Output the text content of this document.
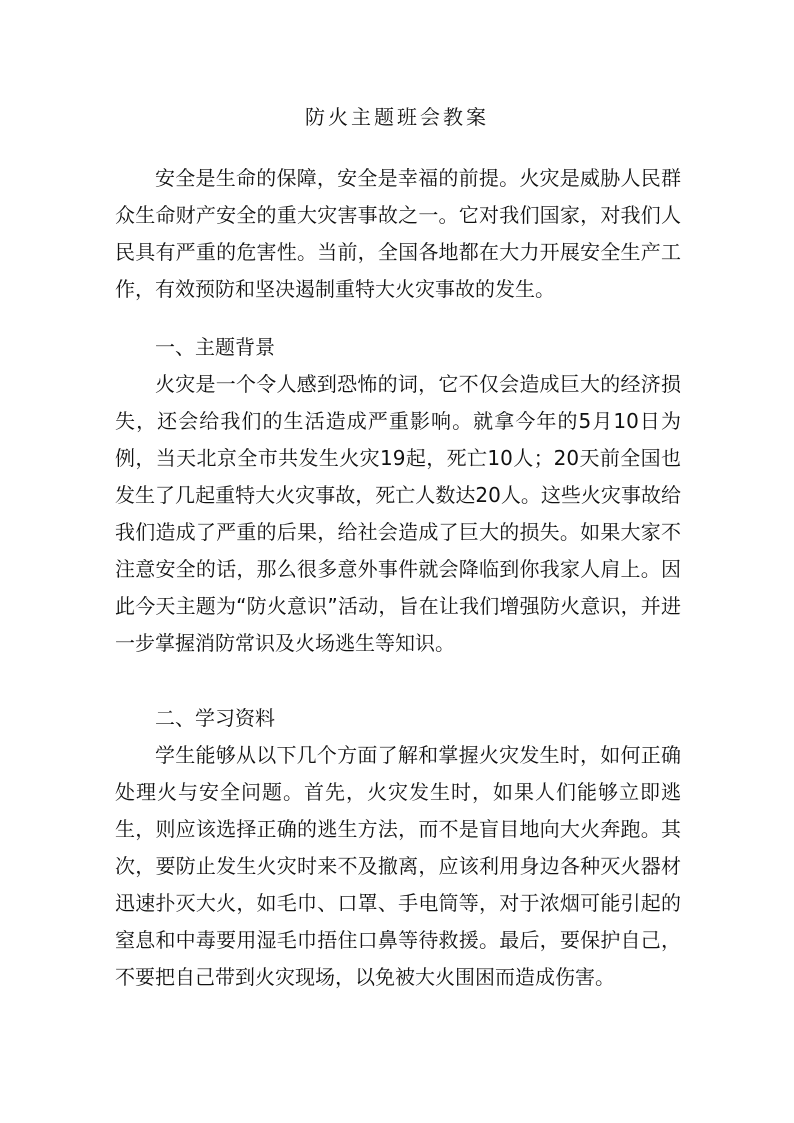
防火主题班会教案

安全是生命的保障，安全是幸福的前提。火灾是威胁人民群众生命财产安全的重大灾害事故之一。它对我们国家，对我们人民具有严重的危害性。当前，全国各地都在大力开展安全生产工作，有效预防和坚决遏制重特大火灾事故的发生。

一、主题背景

火灾是一个令人感到恐怖的词，它不仅会造成巨大的经济损失，还会给我们的生活造成严重影响。就拿今年的5月10日为例，当天北京全市共发生火灾19起，死亡10人；20天前全国也发生了几起重特大火灾事故，死亡人数达20人。这些火灾事故给我们造成了严重的后果，给社会造成了巨大的损失。如果大家不注意安全的话，那么很多意外事件就会降临到你我家人肩上。因此今天主题为“防火意识”活动，旨在让我们增强防火意识，并进一步掌握消防常识及火场逃生等知识。

二、学习资料

学生能够从以下几个方面了解和掌握火灾发生时，如何正确处理火与安全问题。首先，火灾发生时，如果人们能够立即逃生，则应该选择正确的逃生方法，而不是盲目地向大火奔跑。其次，要防止发生火灾时来不及撤离，应该利用身边各种灭火器材迅速扑灭大火，如毛巾、口罩、手电筒等，对于浓烟可能引起的窒息和中毒要用湿毛巾捂住口鼻等待救援。最后，要保护自己，不要把自己带到火灾现场，以免被大火围困而造成伤害。
